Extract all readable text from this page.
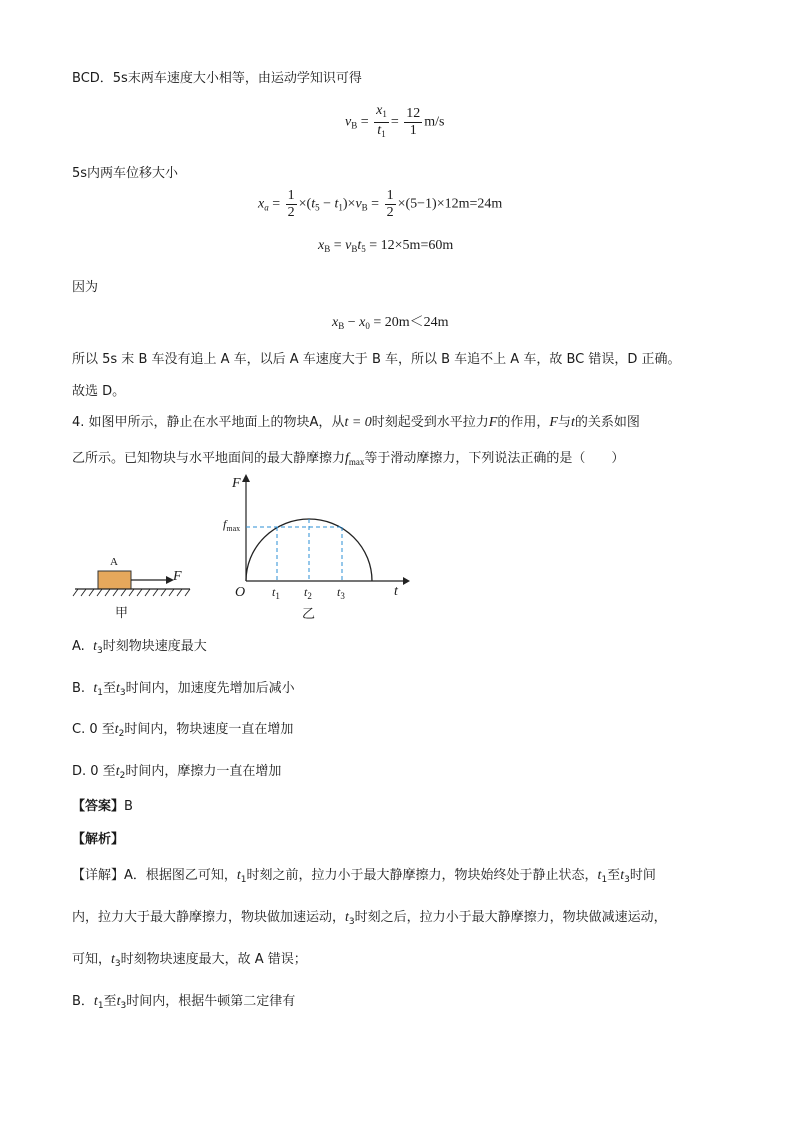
BCD．5s末两车速度大小相等，由运动学知识可得
$v_B = \frac{x_1}{t_1} = \frac{12}{1} m/s$
5s内两车位移大小
$x_a = \frac{1}{2} \times(t_5 - t_1)\times v_B = \frac{1}{2} \times(5-1)\times 12m=24m$
$x_B = v_Bt_5 = 12\times 5m=60m$
因为
$x_B - x_0 = 20m<24m$
所以 5s 末 B 车没有追上 A 车，以后 A 车速度大于 B 车，所以 B 车追不上 A 车，故 BC 错误，D 正确。
故选 D。
4. 如图甲所示，静止在水平地面上的物块A，从t = 0时刻起受到水平拉力F的作用，F与t的关系如图
乙所示。已知物块与水平地面间的最大静摩擦力$f_{max}$等于滑动摩擦力，下列说法正确的是（　　）
A
F
甲
F
$f_{max}$
O $t_1$ $t_2$ $t_3$	t
乙
A. $t_3$时刻物块速度最大
B. $t_1$至$t_3$时间内，加速度先增加后减小
C. 0 至$t_2$时间内，物块速度一直在增加
D. 0 至$t_2$时间内，摩擦力一直在增加
【答案】B
【解析】
【详解】A．根据图乙可知，$t_1$时刻之前，拉力小于最大静摩擦力，物块始终处于静止状态，$t_1$至$t_3$时间
内，拉力大于最大静摩擦力，物块做加速运动，$t_3$时刻之后，拉力小于最大静摩擦力，物块做减速运动，
可知，$t_3$时刻物块速度最大，故 A 错误；
B．$t_1$至$t_3$时间内，根据牛顿第二定律有
